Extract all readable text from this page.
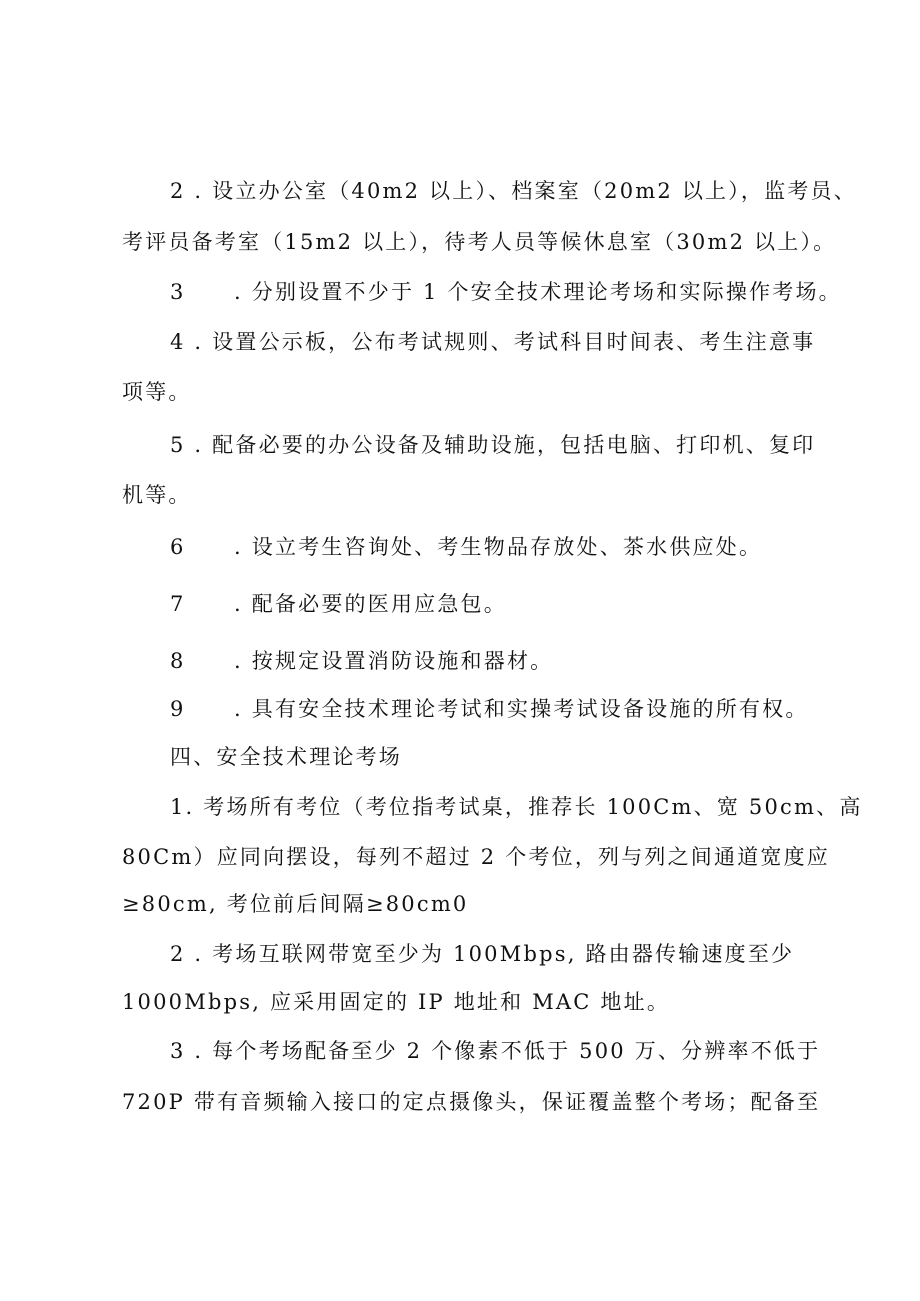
2 . 设立办公室（40m2 以上）、档案室（20m2 以上），监考员、
考评员备考室（15m2 以上），待考人员等候休息室（30m2 以上）。
3 . 分别设置不少于 1 个安全技术理论考场和实际操作考场。
4 . 设置公示板，公布考试规则、考试科目时间表、考生注意事
项等。
5 . 配备必要的办公设备及辅助设施，包括电脑、打印机、复印
机等。
6 . 设立考生咨询处、考生物品存放处、茶水供应处。
7 . 配备必要的医用应急包。
8 . 按规定设置消防设施和器材。
9 . 具有安全技术理论考试和实操考试设备设施的所有权。
四、安全技术理论考场
1. 考场所有考位（考位指考试桌，推荐长 100Cm、宽 50cm、高
80Cm）应同向摆设，每列不超过 2 个考位，列与列之间通道宽度应
≥80cm, 考位前后间隔≥80cm0
2 . 考场互联网带宽至少为 100Mbps, 路由器传输速度至少
1000Mbps, 应采用固定的 IP 地址和 MAC 地址。
3 . 每个考场配备至少 2 个像素不低于 500 万、分辨率不低于
720P 带有音频输入接口的定点摄像头，保证覆盖整个考场；配备至
